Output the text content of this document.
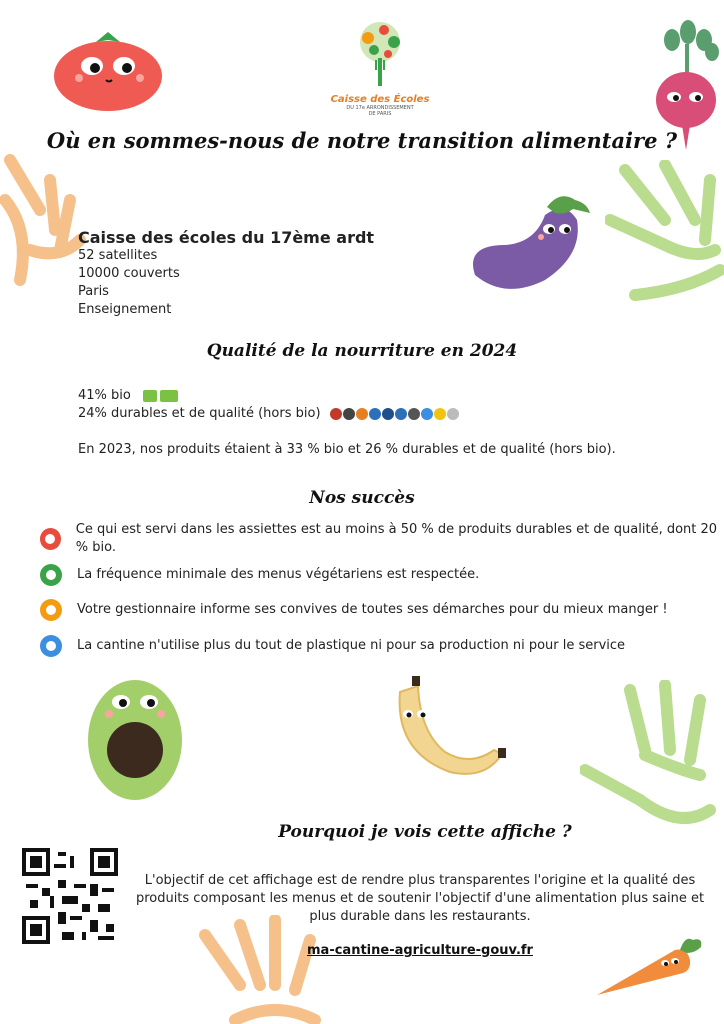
Caisse des Écoles
DU 17e ARRONDISSEMENT
DE PARIS
Où en sommes-nous de notre transition alimentaire ?
Caisse des écoles du 17ème ardt
52 satellites
10000 couverts
Paris
Enseignement
Qualité de la nourriture en 2024
41% bio
24% durables et de qualité (hors bio)
En 2023, nos produits étaient à 33 % bio et 26 % durables et de qualité (hors bio).
Nos succès
Ce qui est servi dans les assiettes est au moins à 50 % de produits durables et de qualité, dont 20 % bio.
La fréquence minimale des menus végétariens est respectée.
Votre gestionnaire informe ses convives de toutes ses démarches pour du mieux manger !
La cantine n'utilise plus du tout de plastique ni pour sa production ni pour le service
Pourquoi je vois cette affiche ?
L'objectif de cet affichage est de rendre plus transparentes l'origine et la qualité des produits composant les menus et de soutenir l'objectif d'une alimentation plus saine et plus durable dans les restaurants.
ma-cantine-agriculture-gouv.fr
